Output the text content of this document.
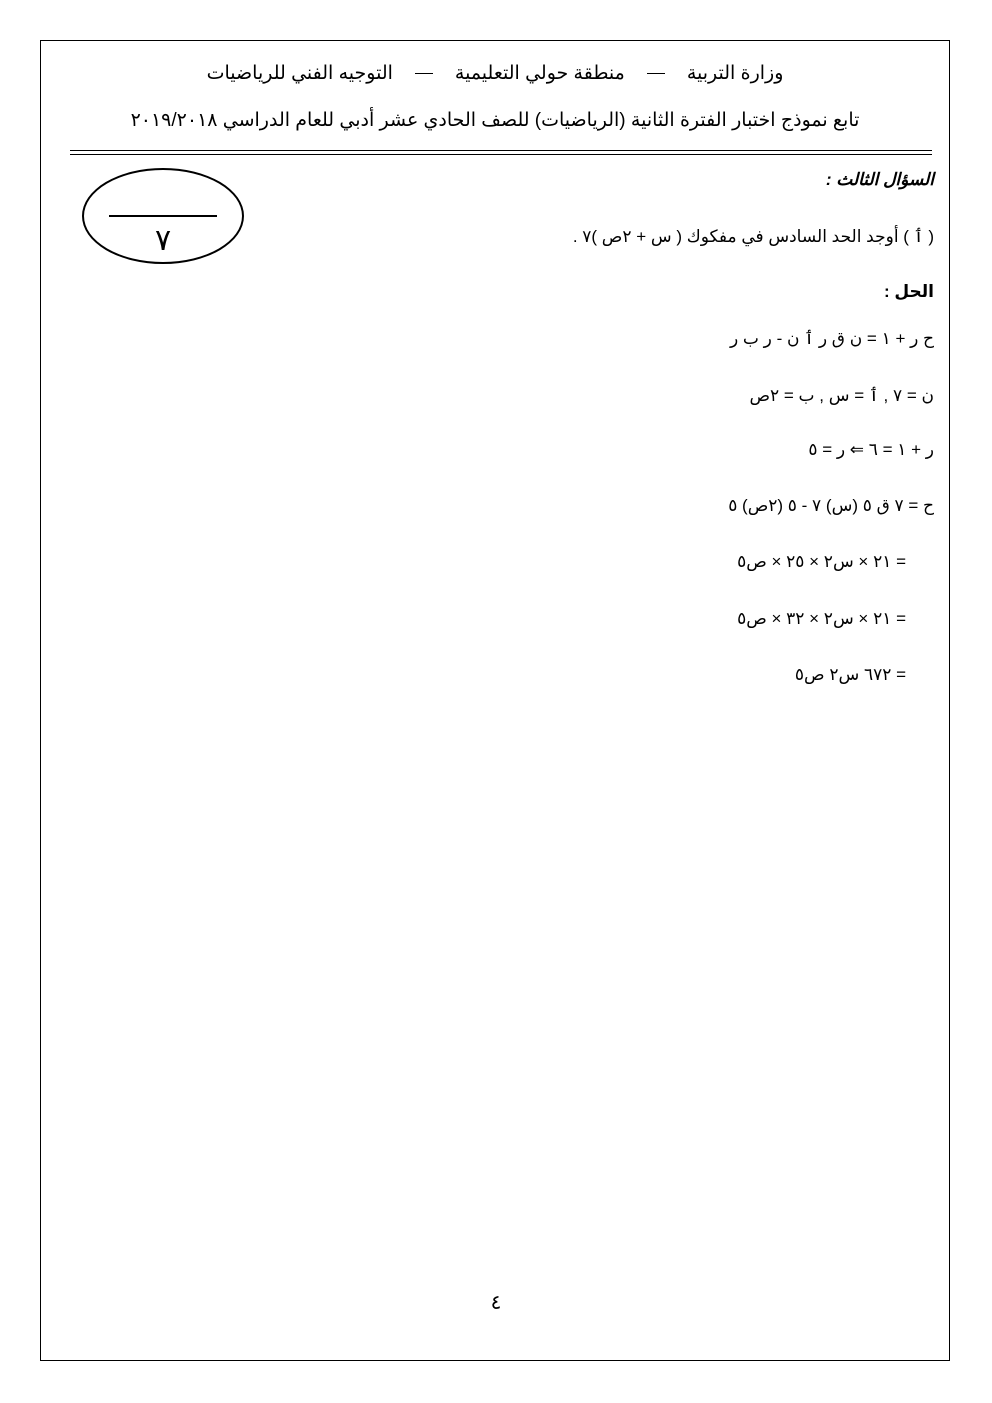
وزارة التربيةمنطقة حولي التعليميةالتوجيه الفني للرياضيات
تابع نموذج اختبار الفترة الثانية (الرياضيات) للصف الحادي عشر أدبي للعام الدراسي ٢٠١٩/٢٠١٨
٧
السؤال الثالث :
( ٲ ) أوجد الحد السادس في مفكوك ( س + ٢ص )٧ .
الحل :
ح ر + ١ = ن ق ر ٲ ن - ر ب ر
ن = ٧ , ٲ = س , ب = ٢ص
ر + ١ = ٦ ⇐ ر = ٥
ح = ٧ ق ٥ (س) ٧ - ٥ (٢ص) ٥
= ٢١ × س٢ × ٢٥ × ص٥
= ٢١ × س٢ × ٣٢ × ص٥
= ٦٧٢ س٢ ص٥
٤
